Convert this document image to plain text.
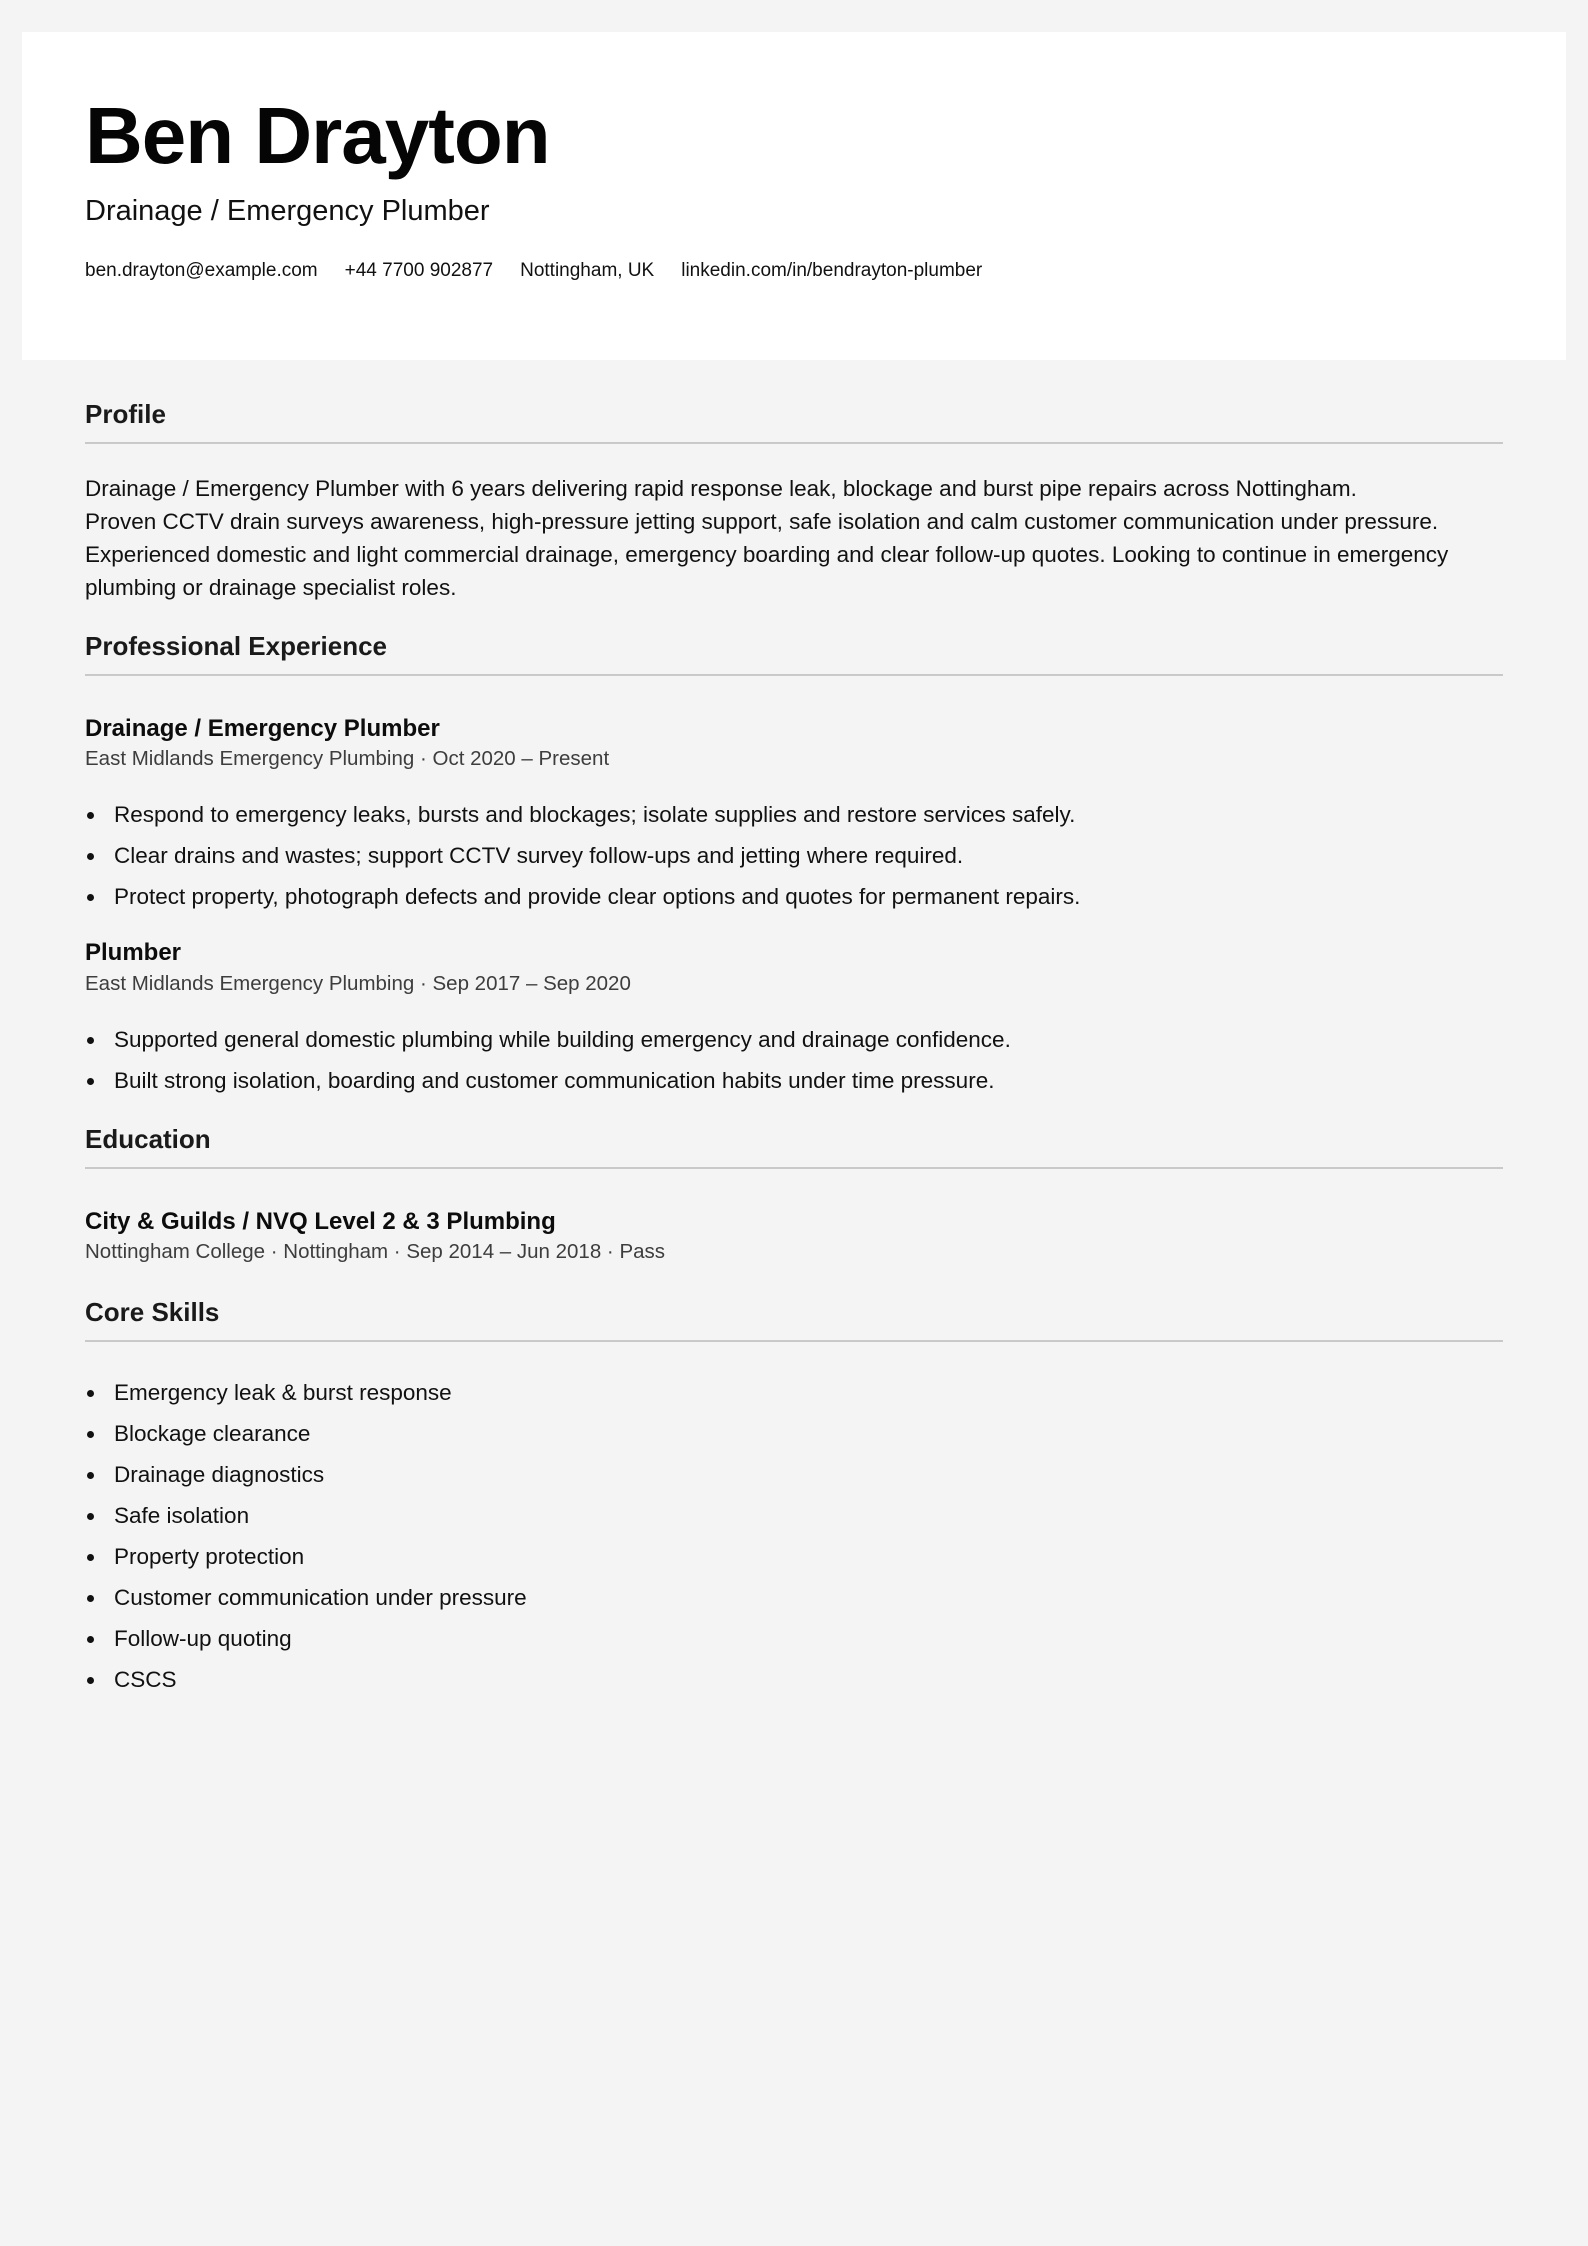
Ben Drayton
Drainage / Emergency Plumber
ben.drayton@example.com +44 7700 902877 Nottingham, UK linkedin.com/in/bendrayton-plumber
Profile

Drainage / Emergency Plumber with 6 years delivering rapid response leak, blockage and burst pipe repairs across Nottingham.
Proven CCTV drain surveys awareness, high-pressure jetting support, safe isolation and calm customer communication under pressure.
Experienced domestic and light commercial drainage, emergency boarding and clear follow-up quotes. Looking to continue in emergency
plumbing or drainage specialist roles.

Professional Experience
Drainage / Emergency Plumber
East Midlands Emergency Plumbing · Oct 2020 – Present
Respond to emergency leaks, bursts and blockages; isolate supplies and restore services safely.
Clear drains and wastes; support CCTV survey follow-ups and jetting where required.
Protect property, photograph defects and provide clear options and quotes for permanent repairs.
Plumber
East Midlands Emergency Plumbing · Sep 2017 – Sep 2020
Supported general domestic plumbing while building emergency and drainage confidence.
Built strong isolation, boarding and customer communication habits under time pressure.
Education
City & Guilds / NVQ Level 2 & 3 Plumbing
Nottingham College · Nottingham · Sep 2014 – Jun 2018 · Pass
Core Skills
Emergency leak & burst response
Blockage clearance
Drainage diagnostics
Safe isolation
Property protection
Customer communication under pressure
Follow-up quoting
CSCS
